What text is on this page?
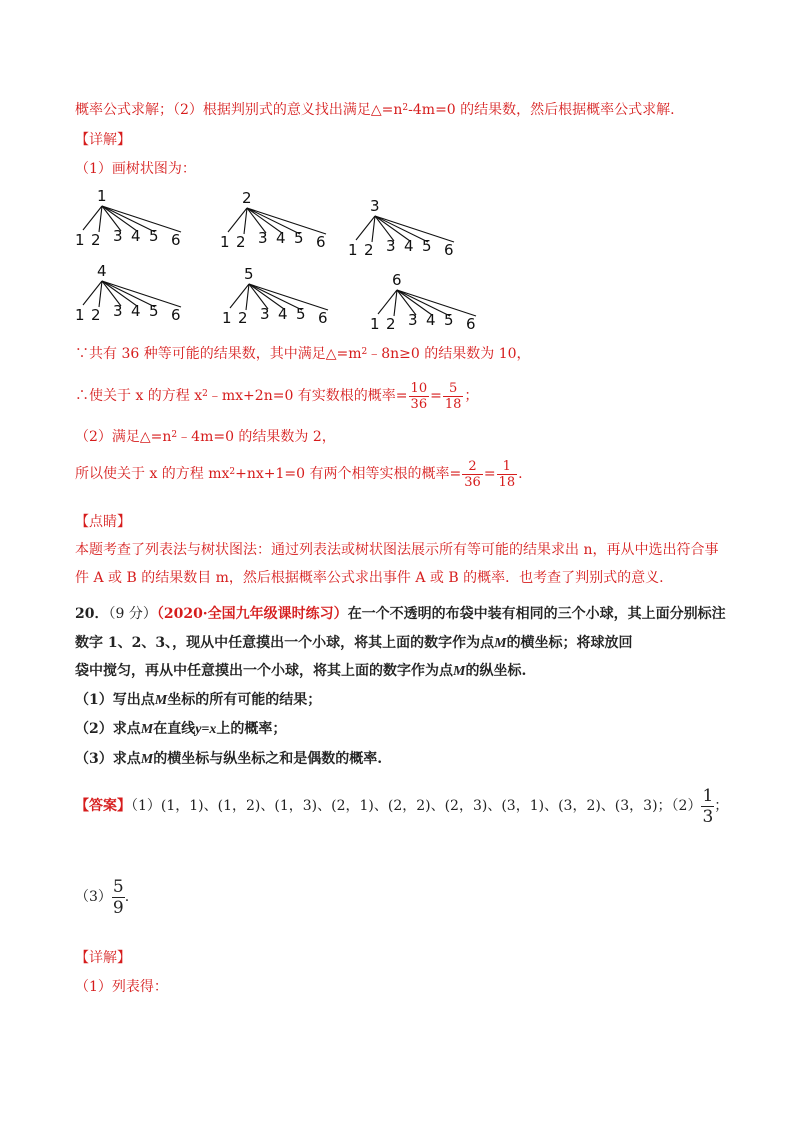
概率公式求解；（2）根据判别式的意义找出满足$\triangle=n^2-4m=0$ 的结果数，然后根据概率公式求解.
【详解】
（1）画树状图为：
1
1 2 3 4 5 6
2
1 2 3 4 5 6
3
1 2 3 4 5 6
4
1 2 3 4 5 6
5
1 2 3 4 5 6
6
1 2 3 4 5 6
∵共有 36 种等可能的结果数，其中满足$\triangle=m^2﹣8n\ge 0$ 的结果数为 10，
∴使关于 x 的方程 $x^2﹣mx+2n=0$ 有实数根的概率= $\frac{10}{36} = \frac{5}{18}$ ；
（2）满足$\triangle=n^2﹣4m=0$ 的结果数为 2，
所以使关于 x 的方程 $mx^2+nx+1=0$ 有两个相等实根的概率= $\frac{2}{36} = \frac{1}{18}$ .
【点睛】
本题考查了列表法与树状图法：通过列表法或树状图法展示所有等可能的结果求出 n，再从中选出符合事
件 A 或 B 的结果数目 m，然后根据概率公式求出事件 A 或 B 的概率．也考查了判别式的意义.
20．（9 分）（2020·全国九年级课时练习）在一个不透明的布袋中装有相同的三个小球，其上面分别标注
数字 1、2、3、，现从中任意摸出一个小球，将其上面的数字作为点M的横坐标；将球放回
袋中搅匀，再从中任意摸出一个小球，将其上面的数字作为点M的纵坐标.
（1）写出点M坐标的所有可能的结果；
（2）求点M在直线y=x上的概率；
（3）求点M的横坐标与纵坐标之和是偶数的概率.
【答案】（1）(1，1)、(1，2)、(1，3)、(2，1)、(2，2)、(2，3)、(3，1)、(3，2)、(3，3)；$(2) \frac{1}{3}$ ；
$(3) \frac{5}{9}$ .
【详解】
（1）列表得：
